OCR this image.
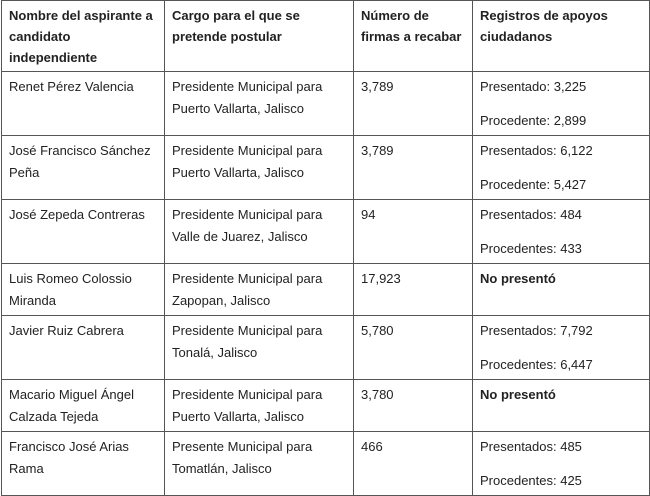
Nombre del aspirante a candidato independiente	Cargo para el que se pretende postular	Número de firmas a recabar	Registros de apoyos ciudadanos
Renet Pérez Valencia	Presidente Municipal para Puerto Vallarta, Jalisco	3,789	Presentado: 3,225
Procedente: 2,899
José Francisco Sánchez Peña	Presidente Municipal para Puerto Vallarta, Jalisco	3,789	Presentados: 6,122
Procedente: 5,427
José Zepeda Contreras	Presidente Municipal para Valle de Juarez, Jalisco	94	Presentados: 484
Procedentes: 433
Luis Romeo Colossio Miranda	Presidente Municipal para Zapopan, Jalisco	17,923	No presentó
Javier Ruiz Cabrera	Presidente Municipal para Tonalá, Jalisco	5,780	Presentados: 7,792
Procedentes: 6,447
Macario Miguel Ángel Calzada Tejeda	Presidente Municipal para Puerto Vallarta, Jalisco	3,780	No presentó
Francisco José Arias Rama	Presente Municipal para Tomatlán, Jalisco	466	Presentados: 485
Procedentes: 425
